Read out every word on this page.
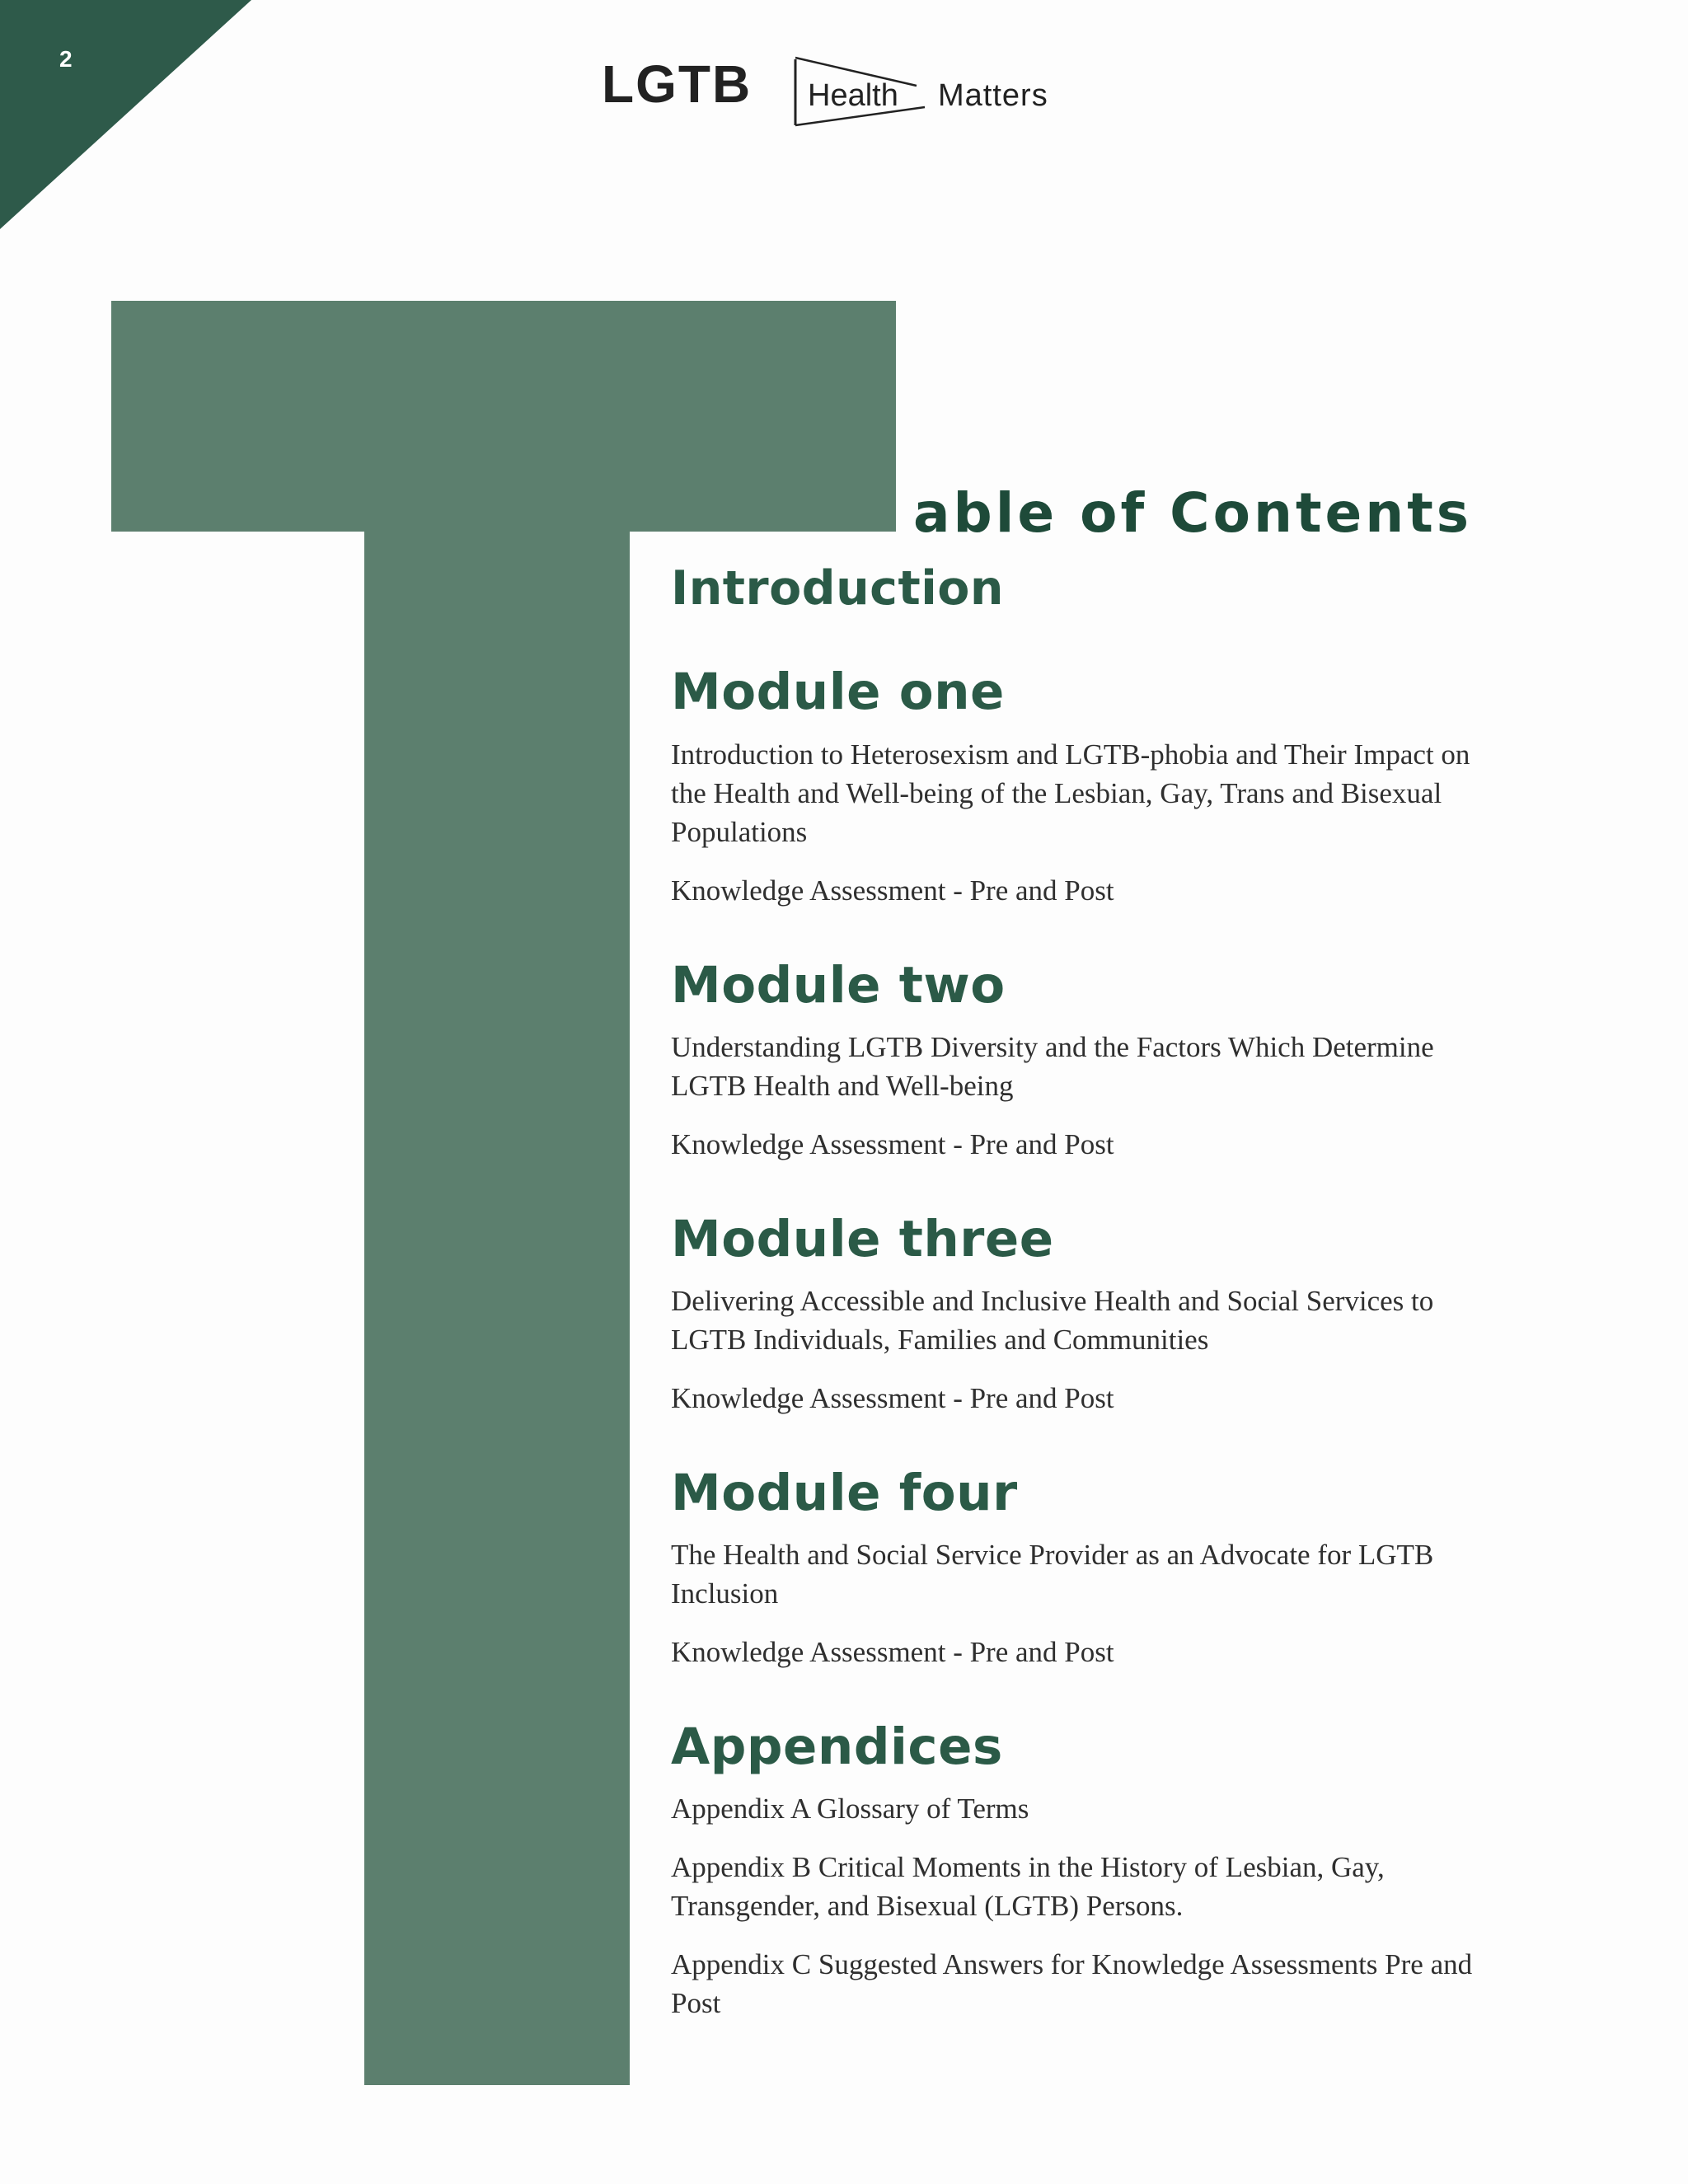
2	LGTB Health Matters
able of Contents
Introduction
Module one

Introduction to Heterosexism and LGTB-phobia and Their Impact on the Health and Well-being of the Lesbian, Gay, Trans and Bisexual Populations

Knowledge Assessment - Pre and Post

Module two

Understanding LGTB Diversity and the Factors Which Determine LGTB Health and Well-being

Knowledge Assessment - Pre and Post

Module three

Delivering Accessible and Inclusive Health and Social Services to LGTB Individuals, Families and Communities

Knowledge Assessment - Pre and Post

Module four

The Health and Social Service Provider as an Advocate for LGTB Inclusion

Knowledge Assessment - Pre and Post

Appendices

Appendix A Glossary of Terms

Appendix B Critical Moments in the History of Lesbian, Gay, Transgender, and Bisexual (LGTB) Persons.

Appendix C Suggested Answers for Knowledge Assessments Pre and Post
